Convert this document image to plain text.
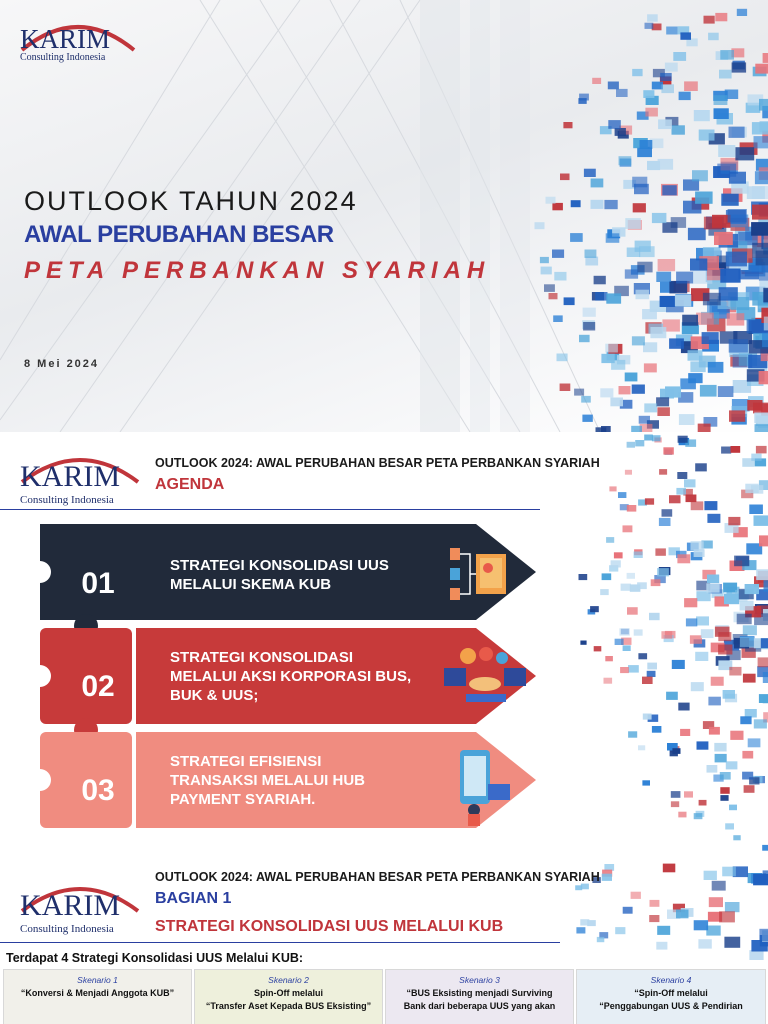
KARIM
Consulting Indonesia
OUTLOOK TAHUN 2024
AWAL PERUBAHAN BESAR
PETA PERBANKAN SYARIAH
8 Mei 2024
KARIM
Consulting Indonesia
OUTLOOK 2024: AWAL PERUBAHAN BESAR PETA PERBANKAN SYARIAH
AGENDA
01
02
03
STRATEGI KONSOLIDASI UUS
MELALUI SKEMA KUB
STRATEGI KONSOLIDASI
MELALUI AKSI KORPORASI BUS,
BUK & UUS;
STRATEGI EFISIENSI
TRANSAKSI MELALUI HUB
PAYMENT SYARIAH.
KARIM
Consulting Indonesia
OUTLOOK 2024: AWAL PERUBAHAN BESAR PETA PERBANKAN SYARIAH
BAGIAN 1
STRATEGI KONSOLIDASI UUS MELALUI KUB
Terdapat 4 Strategi Konsolidasi UUS Melalui KUB:
Skenario 1
“Konversi & Menjadi Anggota KUB”
Skenario 2
Spin-Off melalui
“Transfer Aset Kepada BUS Eksisting”
Skenario 3
“BUS Eksisting menjadi Surviving
Bank dari beberapa UUS yang akan
Skenario 4
“Spin-Off melalui
“Penggabungan UUS & Pendirian
